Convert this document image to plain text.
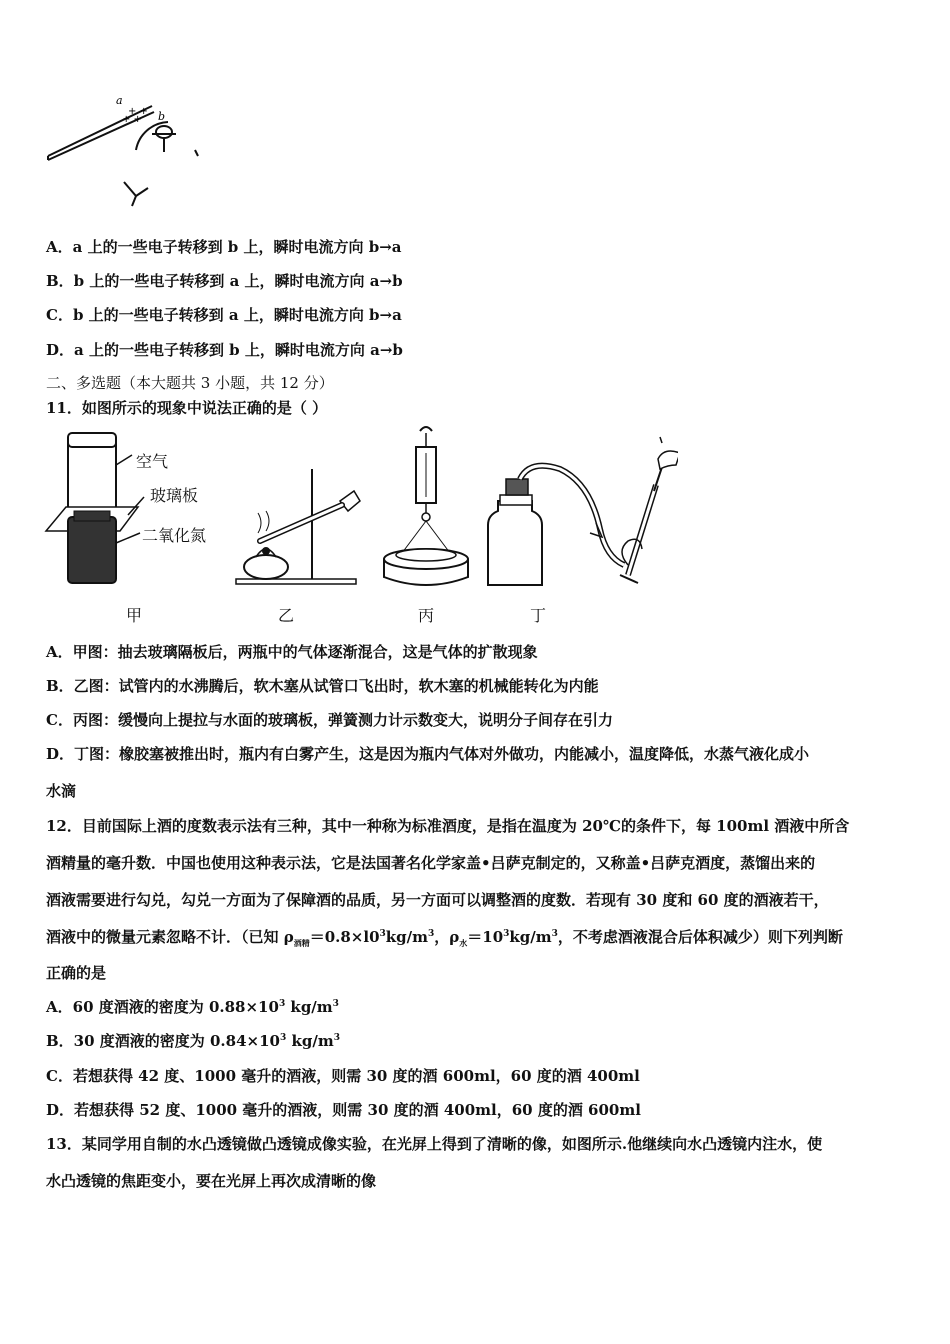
a
+ +
+ + b
A．a 上的一些电子转移到 b 上，瞬时电流方向 b→a
B．b 上的一些电子转移到 a 上，瞬时电流方向 a→b
C．b 上的一些电子转移到 a 上，瞬时电流方向 b→a
D．a 上的一些电子转移到 b 上，瞬时电流方向 a→b
二、多选题（本大题共 3 小题，共 12 分）
11．如图所示的现象中说法正确的是（ ）
空气
玻璃板
二氧化氮
甲	乙	丙	丁
A．甲图：抽去玻璃隔板后，两瓶中的气体逐渐混合，这是气体的扩散现象
B．乙图：试管内的水沸腾后，软木塞从试管口飞出时，软木塞的机械能转化为内能
C．丙图：缓慢向上提拉与水面的玻璃板，弹簧测力计示数变大，说明分子间存在引力
D．丁图：橡胶塞被推出时，瓶内有白雾产生，这是因为瓶内气体对外做功，内能减小，温度降低，水蒸气液化成小
水滴
12．目前国际上酒的度数表示法有三种，其中一种称为标准酒度，是指在温度为 20℃的条件下，每 100ml 酒液中所含
酒精量的毫升数．中国也使用这种表示法，它是法国著名化学家盖•吕萨克制定的，又称盖•吕萨克酒度，蒸馏出来的
酒液需要进行勾兑，勾兑一方面为了保障酒的品质，另一方面可以调整酒的度数．若现有 30 度和 60 度的酒液若干，
酒液中的微量元素忽略不计．（已知 $\rho_{酒精}=0.8\times l0^3kg/m^3$，$\rho_水=10^3kg/m^3$，不考虑酒液混合后体积减少）则下列判断
正确的是
A．60 度酒液的密度为 $0.88\times 10^3$ $kg/m^3$
B．30 度酒液的密度为 $0.84\times 10^3$ $kg/m^3$
C．若想获得 42 度、1000 毫升的酒液，则需 30 度的酒 600ml，60 度的酒 400ml
D．若想获得 52 度、1000 毫升的酒液，则需 30 度的酒 400ml，60 度的酒 600ml
13．某同学用自制的水凸透镜做凸透镜成像实验，在光屏上得到了清晰的像，如图所示.他继续向水凸透镜内注水，使
水凸透镜的焦距变小，要在光屏上再次成清晰的像
